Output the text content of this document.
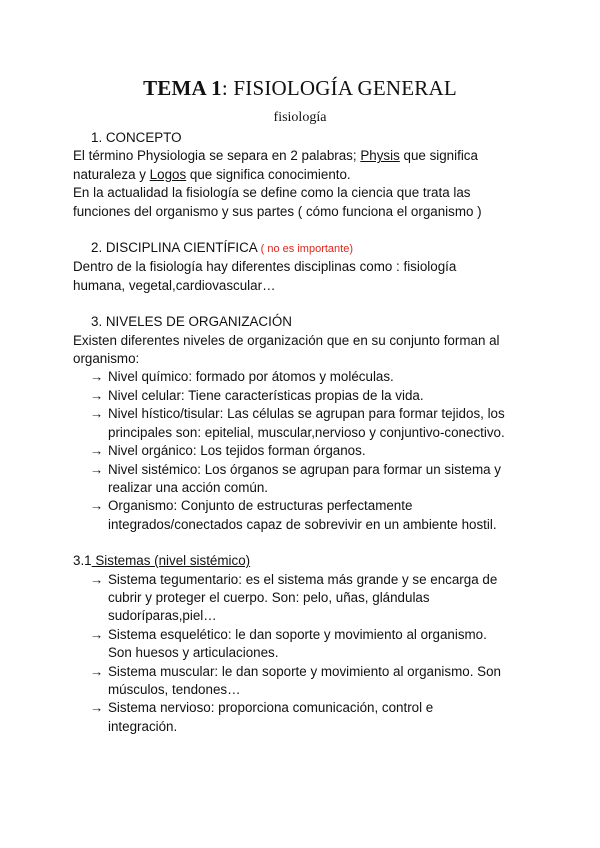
TEMA 1: FISIOLOGÍA GENERAL
fisiología
1. CONCEPTO
El término Physiologia se separa en 2 palabras; Physis que significa
naturaleza y Logos que significa conocimiento.
En la actualidad la fisiología se define como la ciencia que trata las
funciones del organismo y sus partes ( cómo funciona el organismo )
2. DISCIPLINA CIENTÍFICA ( no es importante)
Dentro de la fisiología hay diferentes disciplinas como : fisiología
humana, vegetal,cardiovascular…
3. NIVELES DE ORGANIZACIÓN
Existen diferentes niveles de organización que en su conjunto forman al
organismo:
→ Nivel químico: formado por átomos y moléculas.
→ Nivel celular: Tiene características propias de la vida.
→ Nivel hístico/tisular: Las células se agrupan para formar tejidos, los
principales son: epitelial, muscular,nervioso y conjuntivo-conectivo.
→ Nivel orgánico: Los tejidos forman órganos.
→ Nivel sistémico: Los órganos se agrupan para formar un sistema y
realizar una acción común.
→ Organismo: Conjunto de estructuras perfectamente
integrados/conectados capaz de sobrevivir en un ambiente hostil.
3.1 Sistemas (nivel sistémico)
→ Sistema tegumentario: es el sistema más grande y se encarga de
cubrir y proteger el cuerpo. Son: pelo, uñas, glándulas
sudoríparas,piel…
→ Sistema esquelético: le dan soporte y movimiento al organismo.
Son huesos y articulaciones.
→ Sistema muscular: le dan soporte y movimiento al organismo. Son
músculos, tendones…
→ Sistema nervioso: proporciona comunicación, control e
integración.
